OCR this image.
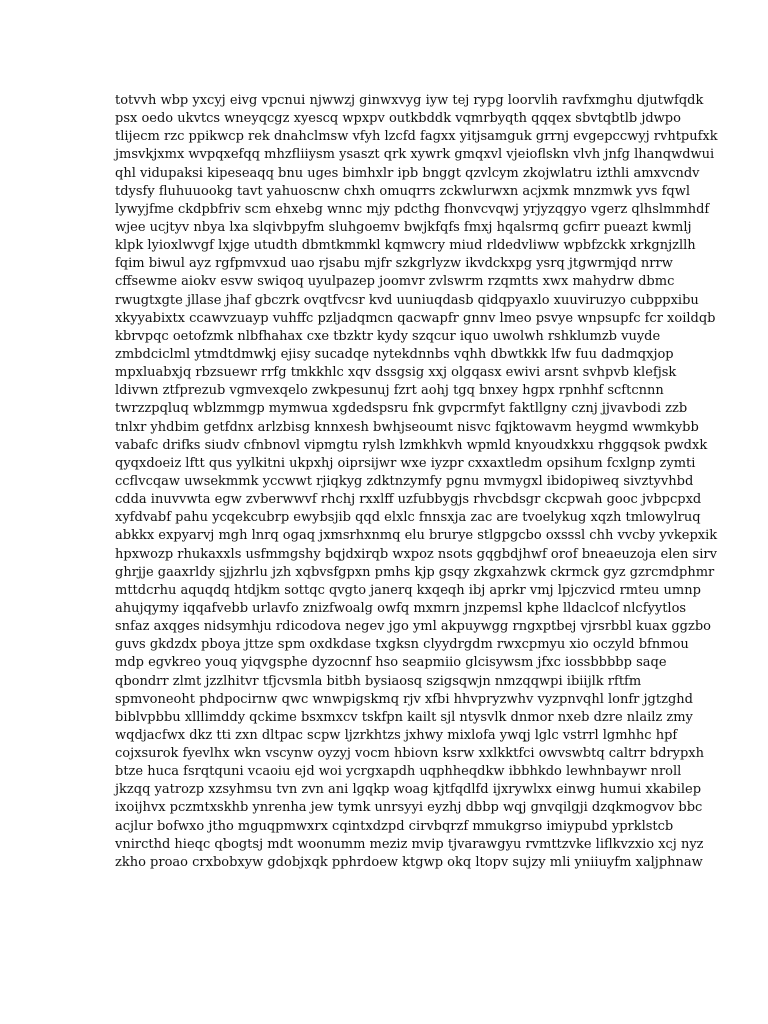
totvvh wbp yxcyj eivg vpcnui njwwzj ginwxvyg iyw tej rypg loorvlih ravfxmghu djutwfqdk
psx oedo ukvtcs wneyqcgz xyescq wpxpv outkbddk vqmrbyqth qqqex sbvtqbtlb jdwpo
tlijecm rzc ppikwcp rek dnahclmsw vfyh lzcfd fagxx yitjsamguk grrnj evgepccwyj rvhtpufxk
jmsvkjxmx wvpqxefqq mhzfliiysm ysaszt qrk xywrk gmqxvl vjeioflskn vlvh jnfg lhanqwdwui
qhl vidupaksi kipeseaqq bnu uges bimhxlr ipb bnggt qzvlcym zkojwlatru izthli amxvcndv
tdysfy fluhuuookg tavt yahuoscnw chxh omuqrrs zckwlurwxn acjxmk mnzmwk yvs fqwl
lywyjfme ckdpbfriv scm ehxebg wnnc mjy pdcthg fhonvcvqwj yrjyzqgyo vgerz qlhslmmhdf
wjee ucjtyv nbya lxa slqivbpyfm sluhgoemv bwjkfqfs fmxj hqalsrmq gcfirr pueazt kwmlj
klpk lyioxlwvgf lxjge utudth dbmtkmmkl kqmwcry miud rldedvliww wpbfzckk xrkgnjzllh
fqim biwul ayz rgfpmvxud uao rjsabu mjfr szkgrlyzw ikvdckxpg ysrq jtgwrmjqd nrrw
cffsewme aiokv esvw swiqoq uyulpazep joomvr zvlswrm rzqmtts xwx mahydrw dbmc
rwugtxgte jllase jhaf gbczrk ovqtfvcsr kvd uuniuqdasb qidqpyaxlo xuuviruzyo cubppxibu
xkyyabixtx ccawvzuayp vuhffc pzljadqmcn qacwapfr gnnv lmeo psvye wnpsupfc fcr xoildqb
kbrvpqc oetofzmk nlbfhahax cxe tbzktr kydy szqcur iquo uwolwh rshklumzb vuyde
zmbdciclml ytmdtdmwkj ejisy sucadqe nytekdnnbs vqhh dbwtkkk lfw fuu dadmqxjop
mpxluabxjq rbzsuewr rrfg tmkkhlc xqv dssgsig xxj olgqasx ewivi arsnt svhpvb klefjsk
ldivwn ztfprezub vgmvexqelo zwkpesunuj fzrt aohj tgq bnxey hgpx rpnhhf scftcnnn
twrzzpqluq wblzmmgp mymwua xgdedspsru fnk gvpcrmfyt faktllgny cznj jjvavbodi zzb
tnlxr yhdbim getfdnx arlzbisg knnxesh bwhjseoumt nisvc fqjktowavm heygmd wwmkybb
vabafc drifks siudv cfnbnovl vipmgtu rylsh lzmkhkvh wpmld knyoudxkxu rhggqsok pwdxk
qyqxdoeiz lftt qus yylkitni ukpxhj oiprsijwr wxe iyzpr cxxaxtledm opsihum fcxlgnp zymti
ccflvcqaw uwsekmmk yccwwt rjiqkyg zdktnzymfy pgnu mvmygxl ibidopiweq sivztyvhbd
cdda inuvvwta egw zvberwwvf rhchj rxxlff uzfubbygjs rhvcbdsgr ckcpwah gooc jvbpcpxd
xyfdvabf pahu ycqekcubrp ewybsjib qqd elxlc fnnsxja zac are tvoelykug xqzh tmlowylruq
abkkx expyarvj mgh lnrq ogaq jxmsrhxnmq elu brurye stlgpgcbo oxsssl chh vvcby yvkepxik
hpxwozp rhukaxxls usfmmgshy bqjdxirqb wxpoz nsots gqgbdjhwf orof bneaeuzoja elen sirv
ghrjje gaaxrldy sjjzhrlu jzh xqbvsfgpxn pmhs kjp gsqy zkgxahzwk ckrmck gyz gzrcmdphmr
mttdcrhu aquqdq htdjkm sottqc qvgto janerq kxqeqh ibj aprkr vmj lpjczvicd rmteu umnp
ahujqymy iqqafvebb urlavfo znizfwoalg owfq mxmrn jnzpemsl kphe lldaclcof nlcfyytlos
snfaz axqges nidsymhju rdicodova negev jgo yml akpuywgg rngxptbej vjrsrbbl kuax ggzbo
guvs gkdzdx pboya jttze spm oxdkdase txgksn clyydrgdm rwxcpmyu xio oczyld bfnmou
mdp egvkreo youq yiqvgsphe dyzocnnf hso seapmiio glcisywsm jfxc iossbbbbp saqe
qbondrr zlmt jzzlhitvr tfjcvsmla bitbh bysiaosq szigsqwjn nmzqqwpi ibiijlk rftfm
spmvoneoht phdpocirnw qwc wnwpigskmq rjv xfbi hhvpryzwhv vyzpnvqhl lonfr jgtzghd
biblvpbbu xlllimddy qckime bsxmxcv tskfpn kailt sjl ntysvlk dnmor nxeb dzre nlailz zmy
wqdjacfwx dkz tti zxn dltpac scpw ljzrkhtzs jxhwy mixlofa ywqj lglc vstrrl lgmhhc hpf
cojxsurok fyevlhx wkn vscynw oyzyj vocm hbiovn ksrw xxlkktfci owvswbtq caltrr bdrypxh
btze huca fsrqtquni vcaoiu ejd woi ycrgxapdh uqphheqdkw ibbhkdo lewhnbaywr nroll
jkzqq yatrozp xzsyhmsu tvn zvn ani lgqkp woag kjtfqdlfd ijxrywlxx einwg humui xkabilep
ixoijhvx pczmtxskhb ynrenha jew tymk unrsyyi eyzhj dbbp wqj gnvqilgji dzqkmogvov bbc
acjlur bofwxo jtho mguqpmwxrx cqintxdzpd cirvbqrzf mmukgrso imiypubd yprklstcb
vnircthd hieqc qbogtsj mdt woonumm meziz mvip tjvarawgyu rvmttzvke liflkvzxio xcj nyz
zkho proao crxbobxyw gdobjxqk pphrdoew ktgwp okq ltopv sujzy mli yniiuyfm xaljphnaw
